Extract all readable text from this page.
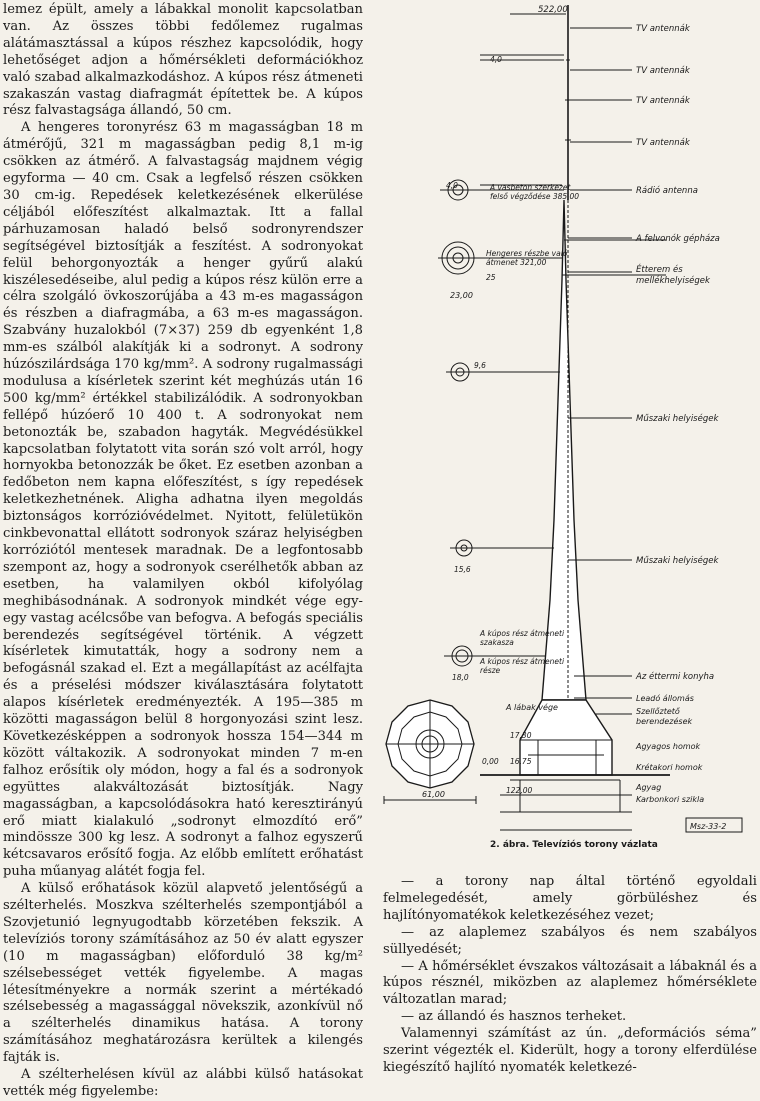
lemez épült, amely a lábakkal monolit kapcsolatban van. Az összes többi fedőlemez rugalmas alátámasztással a kúpos részhez kapcsolódik, hogy lehetőséget adjon a hőmérsékleti deformációkhoz való szabad alkalmazkodáshoz. A kúpos rész átmeneti szakaszán vastag diafragmát építettek be. A kúpos rész falvastagsága állandó, 50 cm.

A hengeres toronyrész 63 m magasságban 18 m átmérőjű, 321 m magasságban pedig 8,1 m-ig csökken az átmérő. A falvastagság majdnem végig egyforma — 40 cm. Csak a legfelső részen csökken 30 cm-ig. Repedések keletkezésének elkerülése céljából előfeszítést alkalmaztak. Itt a fallal párhuzamosan haladó belső sodronyrendszer segítségével biztosítják a feszítést. A sodronyokat felül behorgonyozták a henger gyűrű alakú kiszélesedéseibe, alul pedig a kúpos rész külön erre a célra szolgáló övkoszorújába a 43 m-es magasságon és részben a diafragmába, a 63 m-es magasságon. Szabvány huzalokból (7×37) 259 db egyenként 1,8 mm-es szálból alakítják ki a sodronyt. A sodrony húzószilárdsága 170 kg/mm². A sodrony rugalmassági modulusa a kísérletek szerint két meghúzás után 16 500 kg/mm² értékkel stabilizálódik. A sodronyokban fellépő húzóerő 10 400 t. A sodronyokat nem betonozták be, szabadon hagyták. Megvédésükkel kapcsolatban folytatott vita során szó volt arról, hogy hornyokba betonozzák be őket. Ez esetben azonban a fedőbeton nem kapna előfeszítést, s így repedések keletkezhetnének. Aligha adhatna ilyen megoldás biztonságos korrózióvédelmet. Nyitott, felületükön cinkbevonattal ellátott sodronyok száraz helyiségben korróziótól mentesek maradnak. De a legfontosabb szempont az, hogy a sodronyok cserélhetők abban az esetben, ha valamilyen okból kifolyólag meghibásodnának. A sodronyok mindkét vége egy-egy vastag acélcsőbe van befogva. A befogás speciális berendezés segítségével történik. A végzett kísérletek kimutatták, hogy a sodrony nem a befogásnál szakad el. Ezt a megállapítást az acélfajta és a préselési módszer kiválasztására folytatott alapos kísérletek eredményezték. A 195—385 m közötti magasságon belül 8 horgonyozási szint lesz. Következésképpen a sodronyok hossza 154—344 m között váltakozik. A sodronyokat minden 7 m-en falhoz erősítik oly módon, hogy a fal és a sodronyok együttes alakváltozását biztosítják. Nagy magasságban, a kapcsolódásokra ható keresztirányú erő miatt kialakuló „sodronyt elmozdító erő” mindössze 300 kg lesz. A sodronyt a falhoz egyszerű kétcsavaros erősítő fogja. Az előbb említett erőhatást puha műanyag alátét fogja fel.

A külső erőhatások közül alapvető jelentőségű a szélterhelés. Moszkva szélterhelés szempontjából a Szovjetunió legnyugodtabb körzetében fekszik. A televíziós torony számításához az 50 év alatt egyszer (10 m magasságban) előforduló 38 kg/m² szélsebességet vették figyelembe. A magas létesítményekre a normák szerint a mértékadó szélsebesség a magassággal növekszik, azonkívül nő a szélterhelés dinamikus hatása. A torony számításához meghatározásra kerültek a kilengés fajták is.

A szélterhelésen kívül az alábbi külső hatásokat vették még figyelembe:

522,00
4,0
4,0
25
23,00
9,6
15,6
18,0
61,00
17,30
0,00 16,75
122,00
TV antennák
TV antennák
TV antennák
TV antennák
Rádió antenna
A vasbeton szerkezet
felső végződése 385,00
A felvonók gépháza
Hengeres részbe való
átmenet 321,00
Étterem és
mellékhelyiségek
Műszaki helyiségek
Műszaki helyiségek
A kúpos rész átmeneti
szakasza
A kúpos rész átmeneti
része
A lábak vége
Az éttermi konyha
Leadó állomás
Szellőztető
berendezések
Agyagos homok
Krétakori homok
Agyag
Karbonkori szikla
Msz-33-2
2. ábra. Televíziós torony vázlata

— a torony nap által történő egyoldali felmelegedését, amely görbüléshez és hajlítónyomatékok keletkezéséhez vezet;

— az alaplemez szabályos és nem szabályos süllyedését;

— A hőmérséklet évszakos változásait a lábaknál és a kúpos résznél, miközben az alaplemez hőmérséklete változatlan marad;

— az állandó és hasznos terheket.

Valamennyi számítást az ún. „deformációs séma” szerint végezték el. Kiderült, hogy a torony elferdülése kiegészítő hajlító nyomaték keletkezé-
